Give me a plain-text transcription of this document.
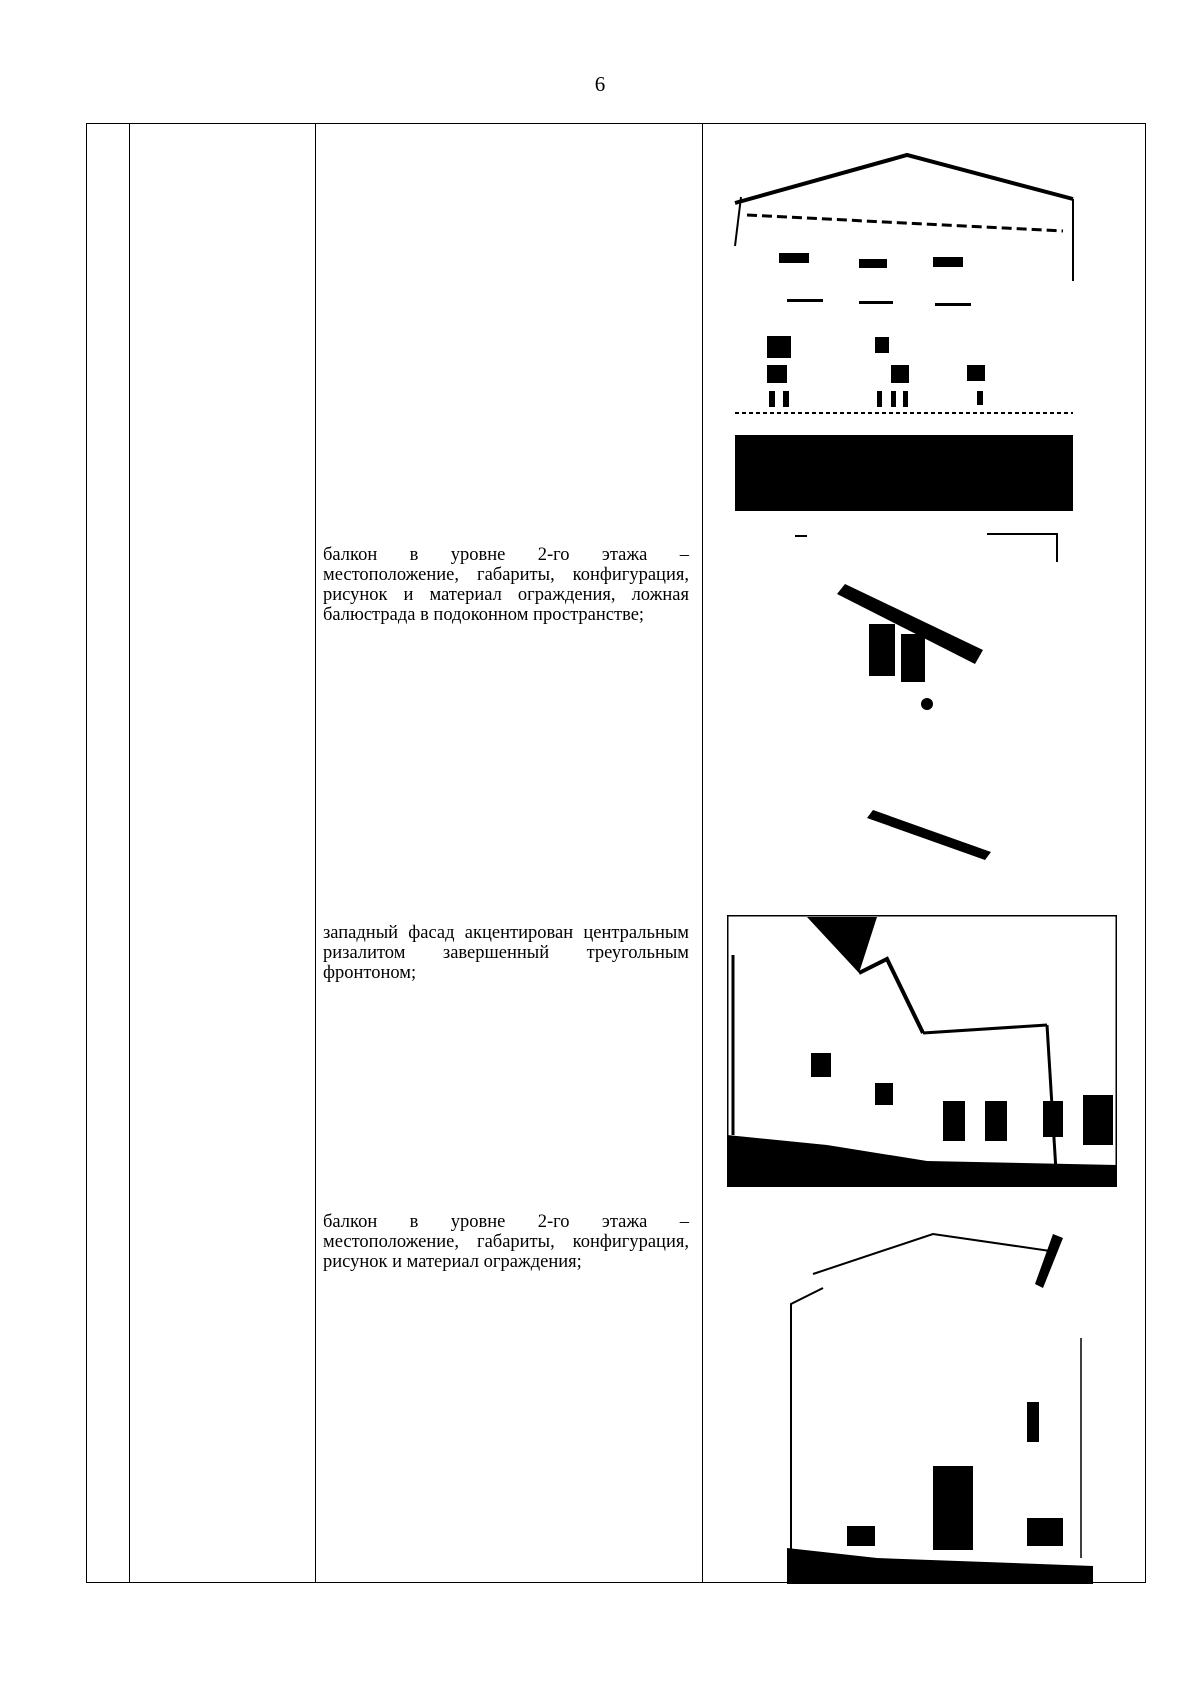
6
балкон в уровне 2-го этажа – местоположение, габариты, конфигурация, рисунок и материал ограждения, ложная балюстрада в подоконном пространстве;
западный фасад акцентирован центральным ризалитом завершенный треугольным фронтоном;
балкон в уровне 2-го этажа – местоположение, габариты, конфигурация, рисунок и материал ограждения;
